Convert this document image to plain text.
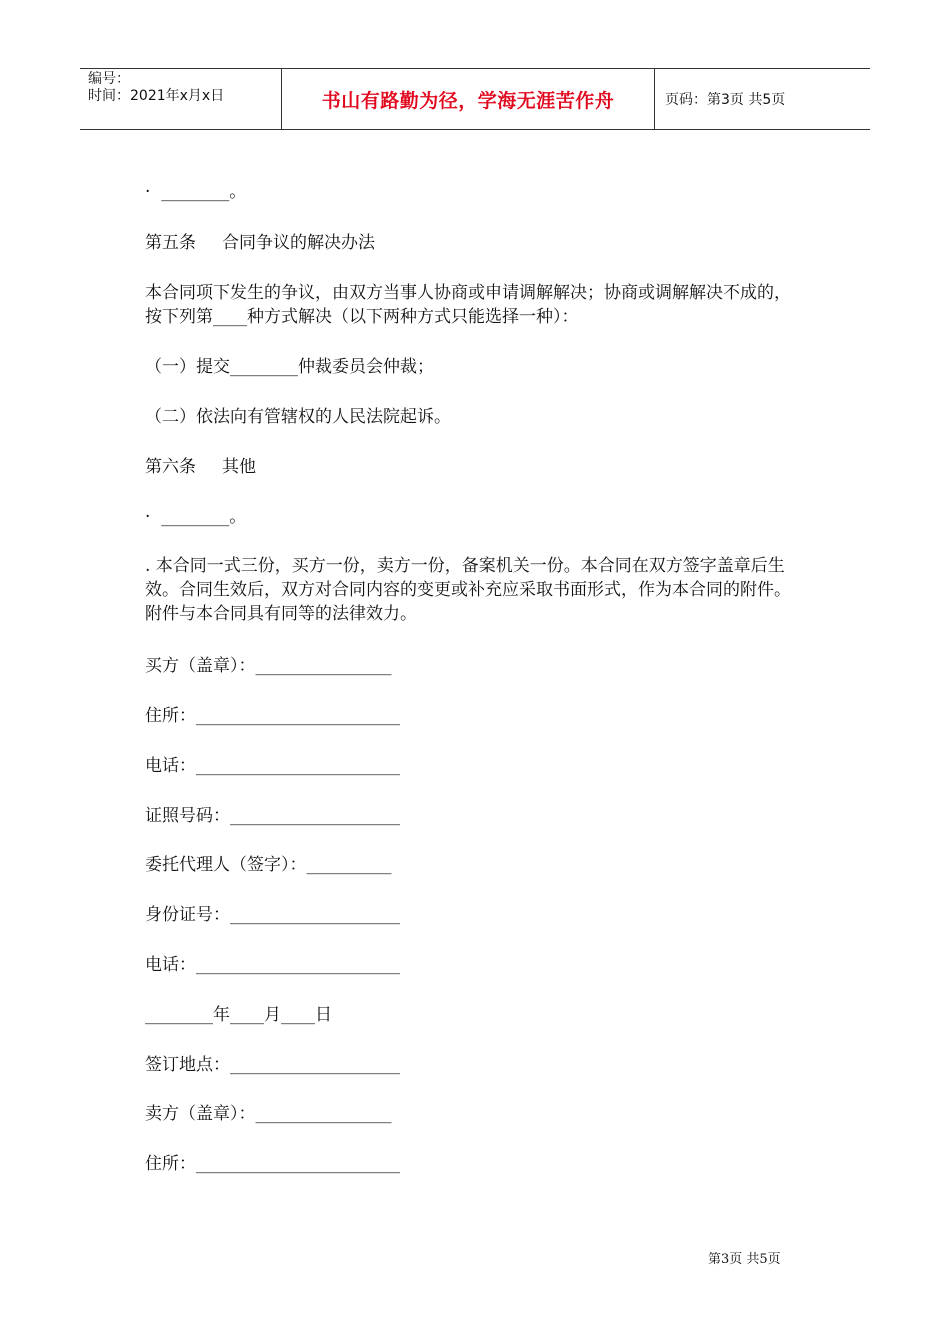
编号：
时间：2021年x月x日	书山有路勤为径，学海无涯苦作舟	页码：第3页 共5页
·  ________。
第五条 合同争议的解决办法
本合同项下发生的争议，由双方当事人协商或申请调解解决；协商或调解解决不成的，按下列第____种方式解决（以下两种方式只能选择一种）：
（一）提交________仲裁委员会仲裁；
（二）依法向有管辖权的人民法院起诉。
第六条 其他
·  ________。
. 本合同一式三份，买方一份，卖方一份，备案机关一份。本合同在双方签字盖章后生效。合同生效后，双方对合同内容的变更或补充应采取书面形式，作为本合同的附件。附件与本合同具有同等的法律效力。
买方（盖章）：________________
住所：________________________
电话：________________________
证照号码：____________________
委托代理人（签字）：__________
身份证号：____________________
电话：________________________
________年____月____日
签订地点：____________________
卖方（盖章）：________________
住所：________________________
第3页 共5页
